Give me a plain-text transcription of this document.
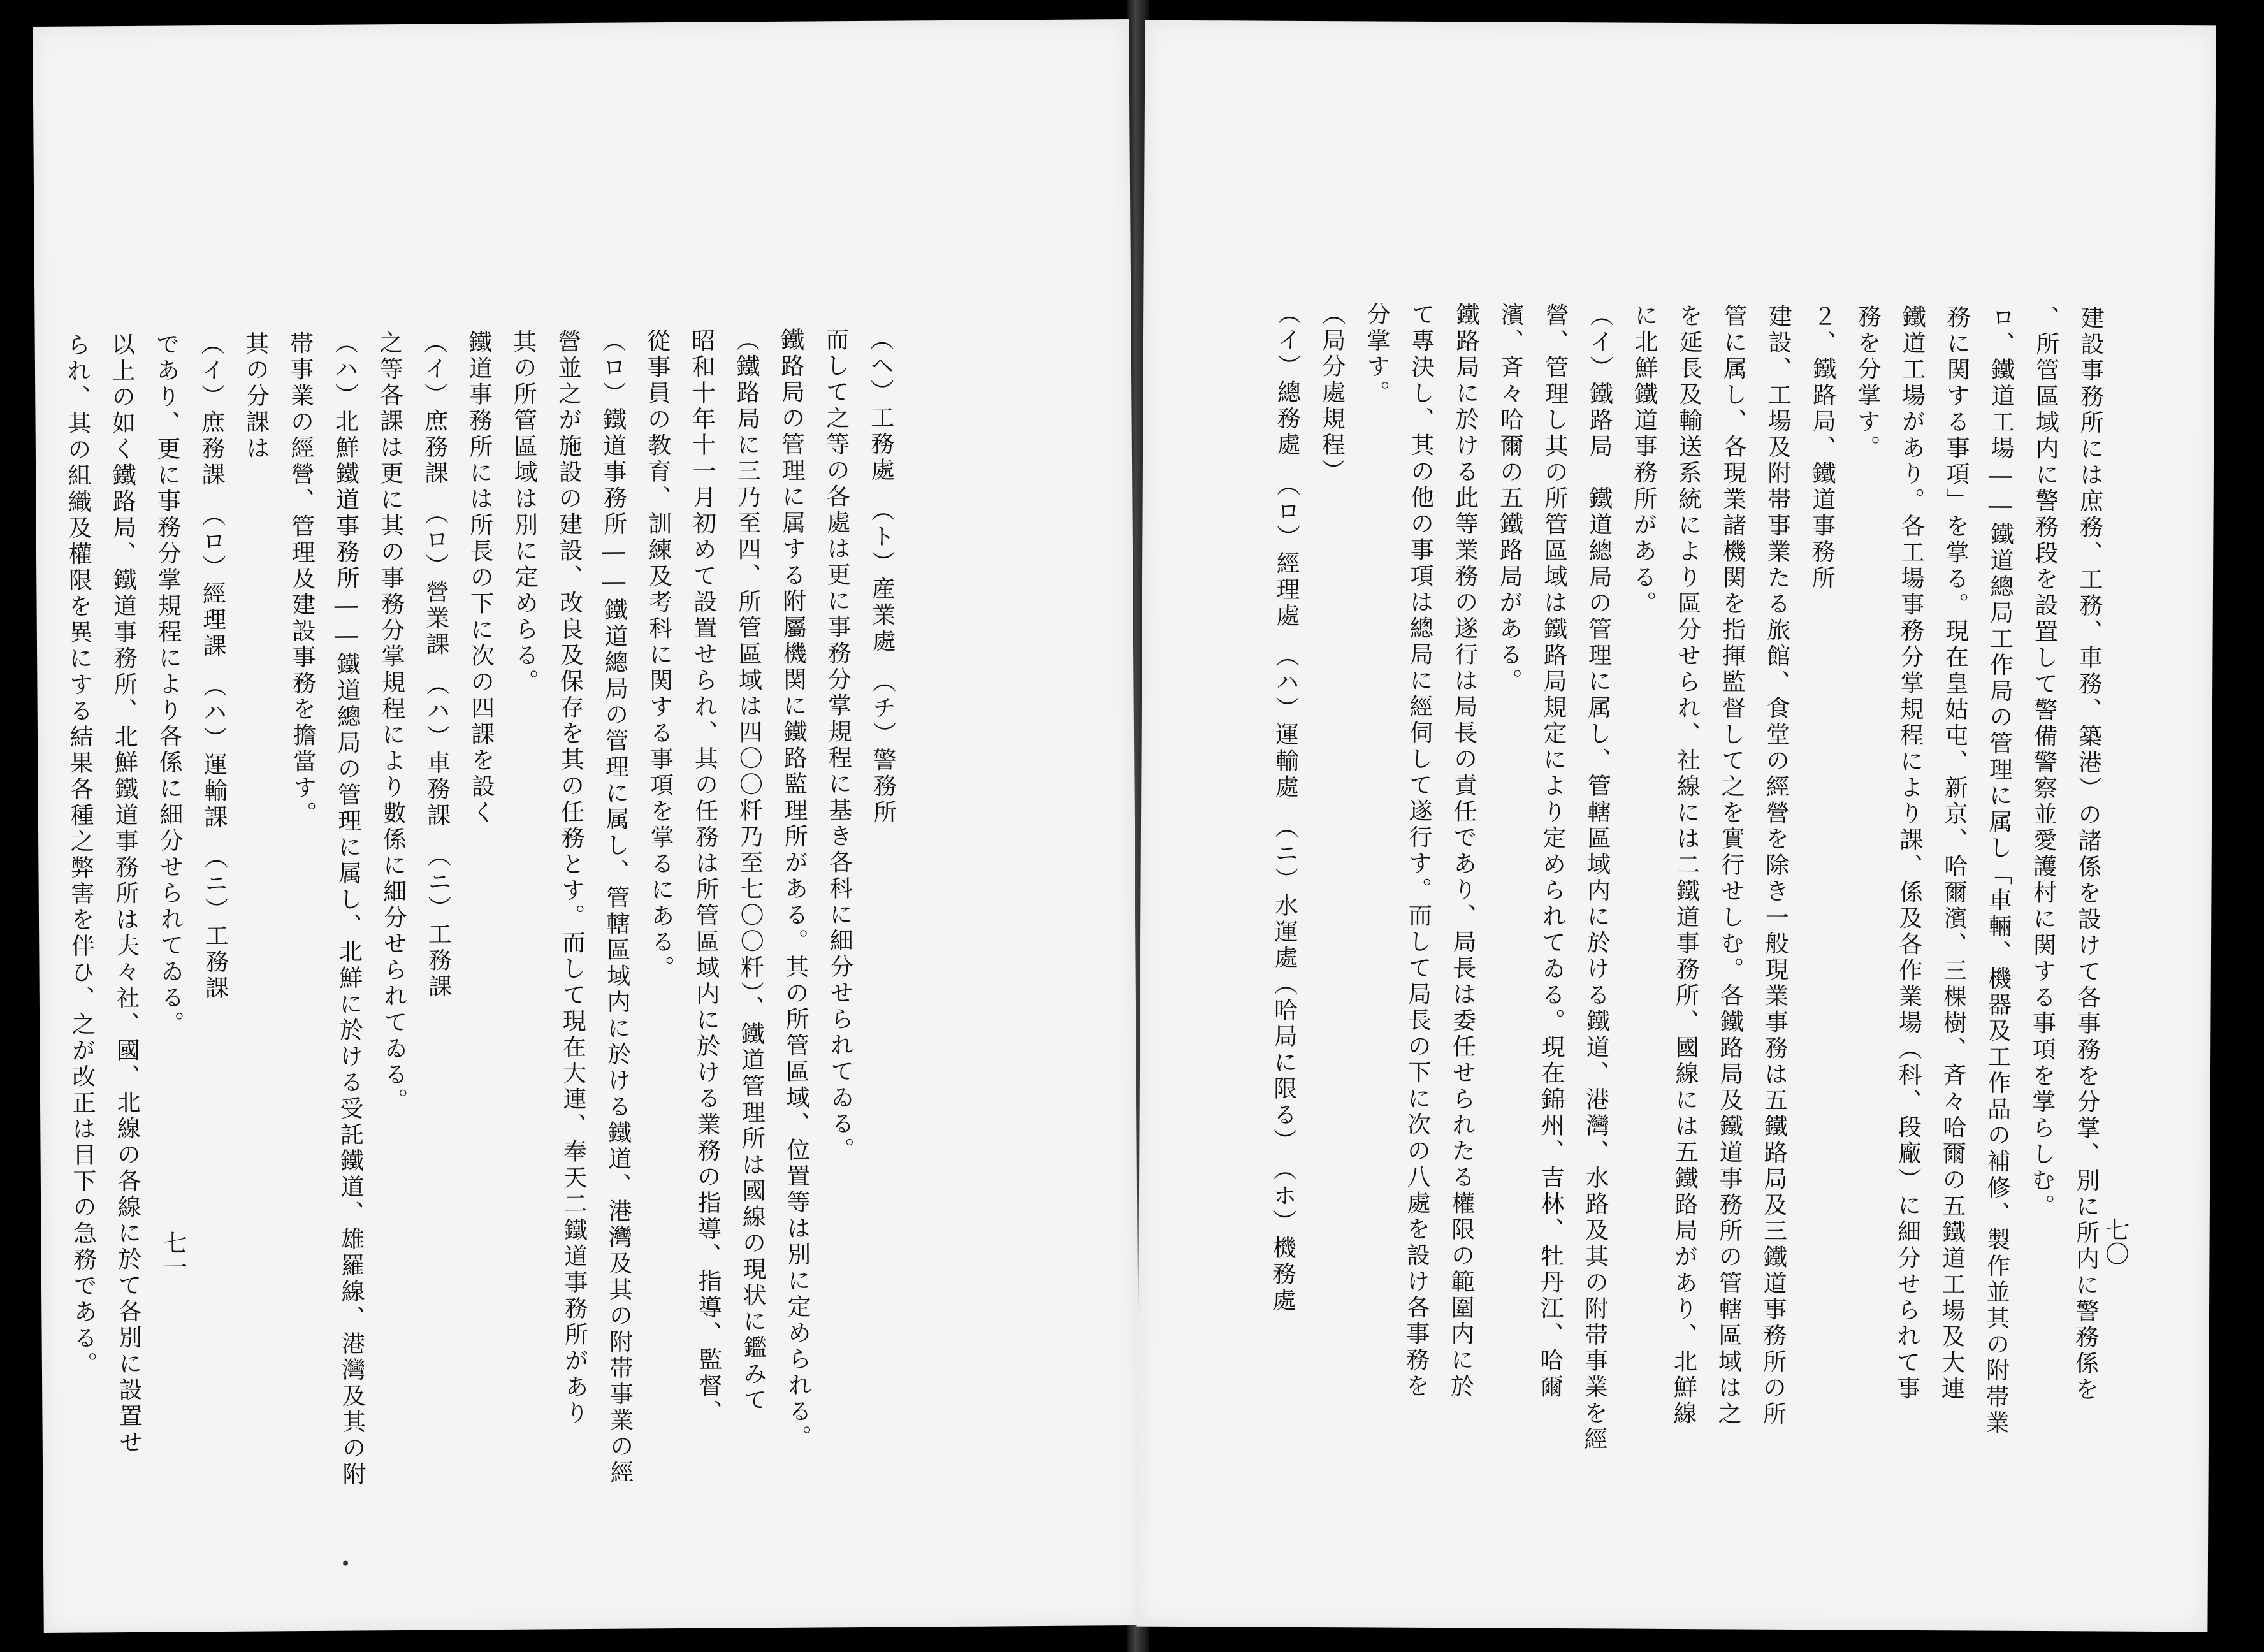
（ヘ）工務處　（ト）産業處　（チ）警務所
而して之等の各處は更に事務分掌規程に基き各科に細分せられてゐる。
鐵路局の管理に属する附屬機関に鐵路監理所がある。其の所管區域、位置等は別に定められる。
（鐵路局に三乃至四、所管區域は四〇〇粁乃至七〇〇粁）、鐵道管理所は國線の現状に鑑みて
昭和十年十一月初めて設置せられ、其の任務は所管區域内に於ける業務の指導、指導、監督、
從事員の教育、訓練及考科に関する事項を掌るにある。
（ロ）鐵道事務所――鐵道總局の管理に属し、管轄區域内に於ける鐵道、港灣及其の附帯事業の經
營並之が施設の建設、改良及保存を其の任務とす。而して現在大連、奉天二鐵道事務所があり
其の所管區域は別に定めらる。
鐵道事務所には所長の下に次の四課を設く
（イ）庶務課　（ロ）營業課　（ハ）車務課　（ニ）工務課
之等各課は更に其の事務分掌規程により數係に細分せられてゐる。
（ハ）北鮮鐵道事務所――鐵道總局の管理に属し、北鮮に於ける受託鐵道、雄羅線、港灣及其の附
帯事業の經營、管理及建設事務を擔當す。
其の分課は
（イ）庶務課　（ロ）經理課　（ハ）運輸課　（ニ）工務課
であり、更に事務分掌規程により各係に細分せられてゐる。
以上の如く鐵路局、鐵道事務所、北鮮鐵道事務所は夫々社、國、北線の各線に於て各別に設置せ
られ、其の組織及權限を異にする結果各種之弊害を伴ひ、之が改正は目下の急務である。	七一	建設事務所には庶務、工務、車務、築港）の諸係を設けて各事務を分掌、別に所内に警務係を
、所管區域内に警務段を設置して警備警察並愛護村に関する事項を掌らしむ。
ロ、鐵道工場――鐵道總局工作局の管理に属し「車輛、機器及工作品の補修、製作並其の附帯業
務に関する事項」を掌る。現在皇姑屯、新京、哈爾濱、三棵樹、斉々哈爾の五鐵道工場及大連
鐵道工場があり。各工場事務分掌規程により課、係及各作業場（科、段廠）に細分せられて事
務を分掌す。
２、鐵路局、鐵道事務所
建設、工場及附帯事業たる旅館、食堂の經營を除き一般現業事務は五鐵路局及三鐵道事務所の所
管に属し、各現業諸機関を指揮監督して之を實行せしむ。各鐵路局及鐵道事務所の管轄區域は之
を延長及輸送系統により區分せられ、社線には二鐵道事務所、國線には五鐵路局があり、北鮮線
に北鮮鐵道事務所がある。
（イ）鐵路局　鐵道總局の管理に属し、管轄區域内に於ける鐵道、港灣、水路及其の附帯事業を經
營、管理し其の所管區域は鐵路局規定により定められてゐる。現在錦州、吉林、牡丹江、哈爾
濱、斉々哈爾の五鐵路局がある。
鐵路局に於ける此等業務の遂行は局長の責任であり、局長は委任せられたる權限の範圍内に於
て專決し、其の他の事項は總局に經伺して遂行す。而して局長の下に次の八處を設け各事務を
分掌す。
（局分處規程）
（イ）總務處　（ロ）經理處　（ハ）運輸處　（ニ）水運處（哈局に限る）　（ホ）機務處	七〇
